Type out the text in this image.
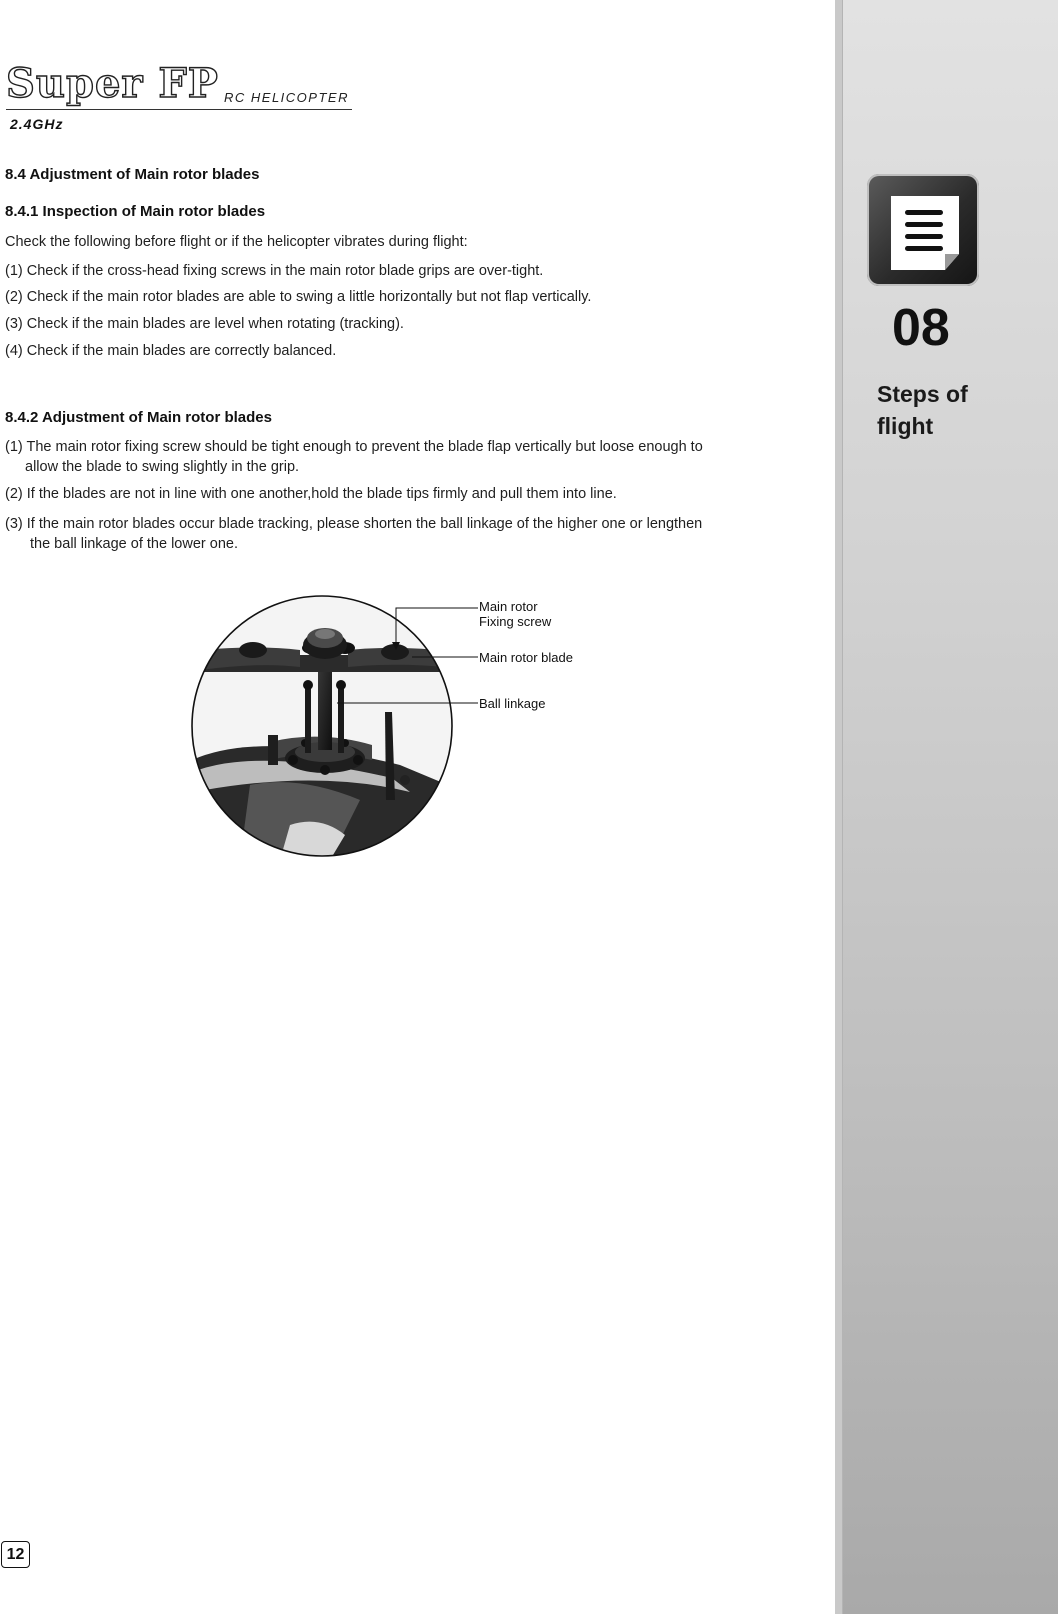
Super FP RC HELICOPTER
2.4GHz
8.4 Adjustment of Main rotor blades
8.4.1 Inspection of Main rotor blades
Check the following before flight or if the helicopter vibrates during flight:
(1) Check if the cross-head fixing screws in the main rotor blade grips are over-tight.
(2) Check if the main rotor blades are able to swing a little horizontally but not flap vertically.
(3) Check if the main blades are level when rotating (tracking).
(4) Check if the main blades are correctly balanced.
8.4.2 Adjustment of Main rotor blades
(1) The main rotor fixing screw should be tight enough to prevent the blade flap vertically but loose enough to
allow the blade to swing slightly in the grip.
(2) If the blades are not in line with one another,hold the blade tips firmly and pull them into line.
(3) If the main rotor blades occur blade tracking, please shorten the ball linkage of the higher one or lengthen
the ball linkage of the lower one.
Main rotor
Fixing screw
Main rotor blade
Ball linkage
12
08
Steps of
flight
